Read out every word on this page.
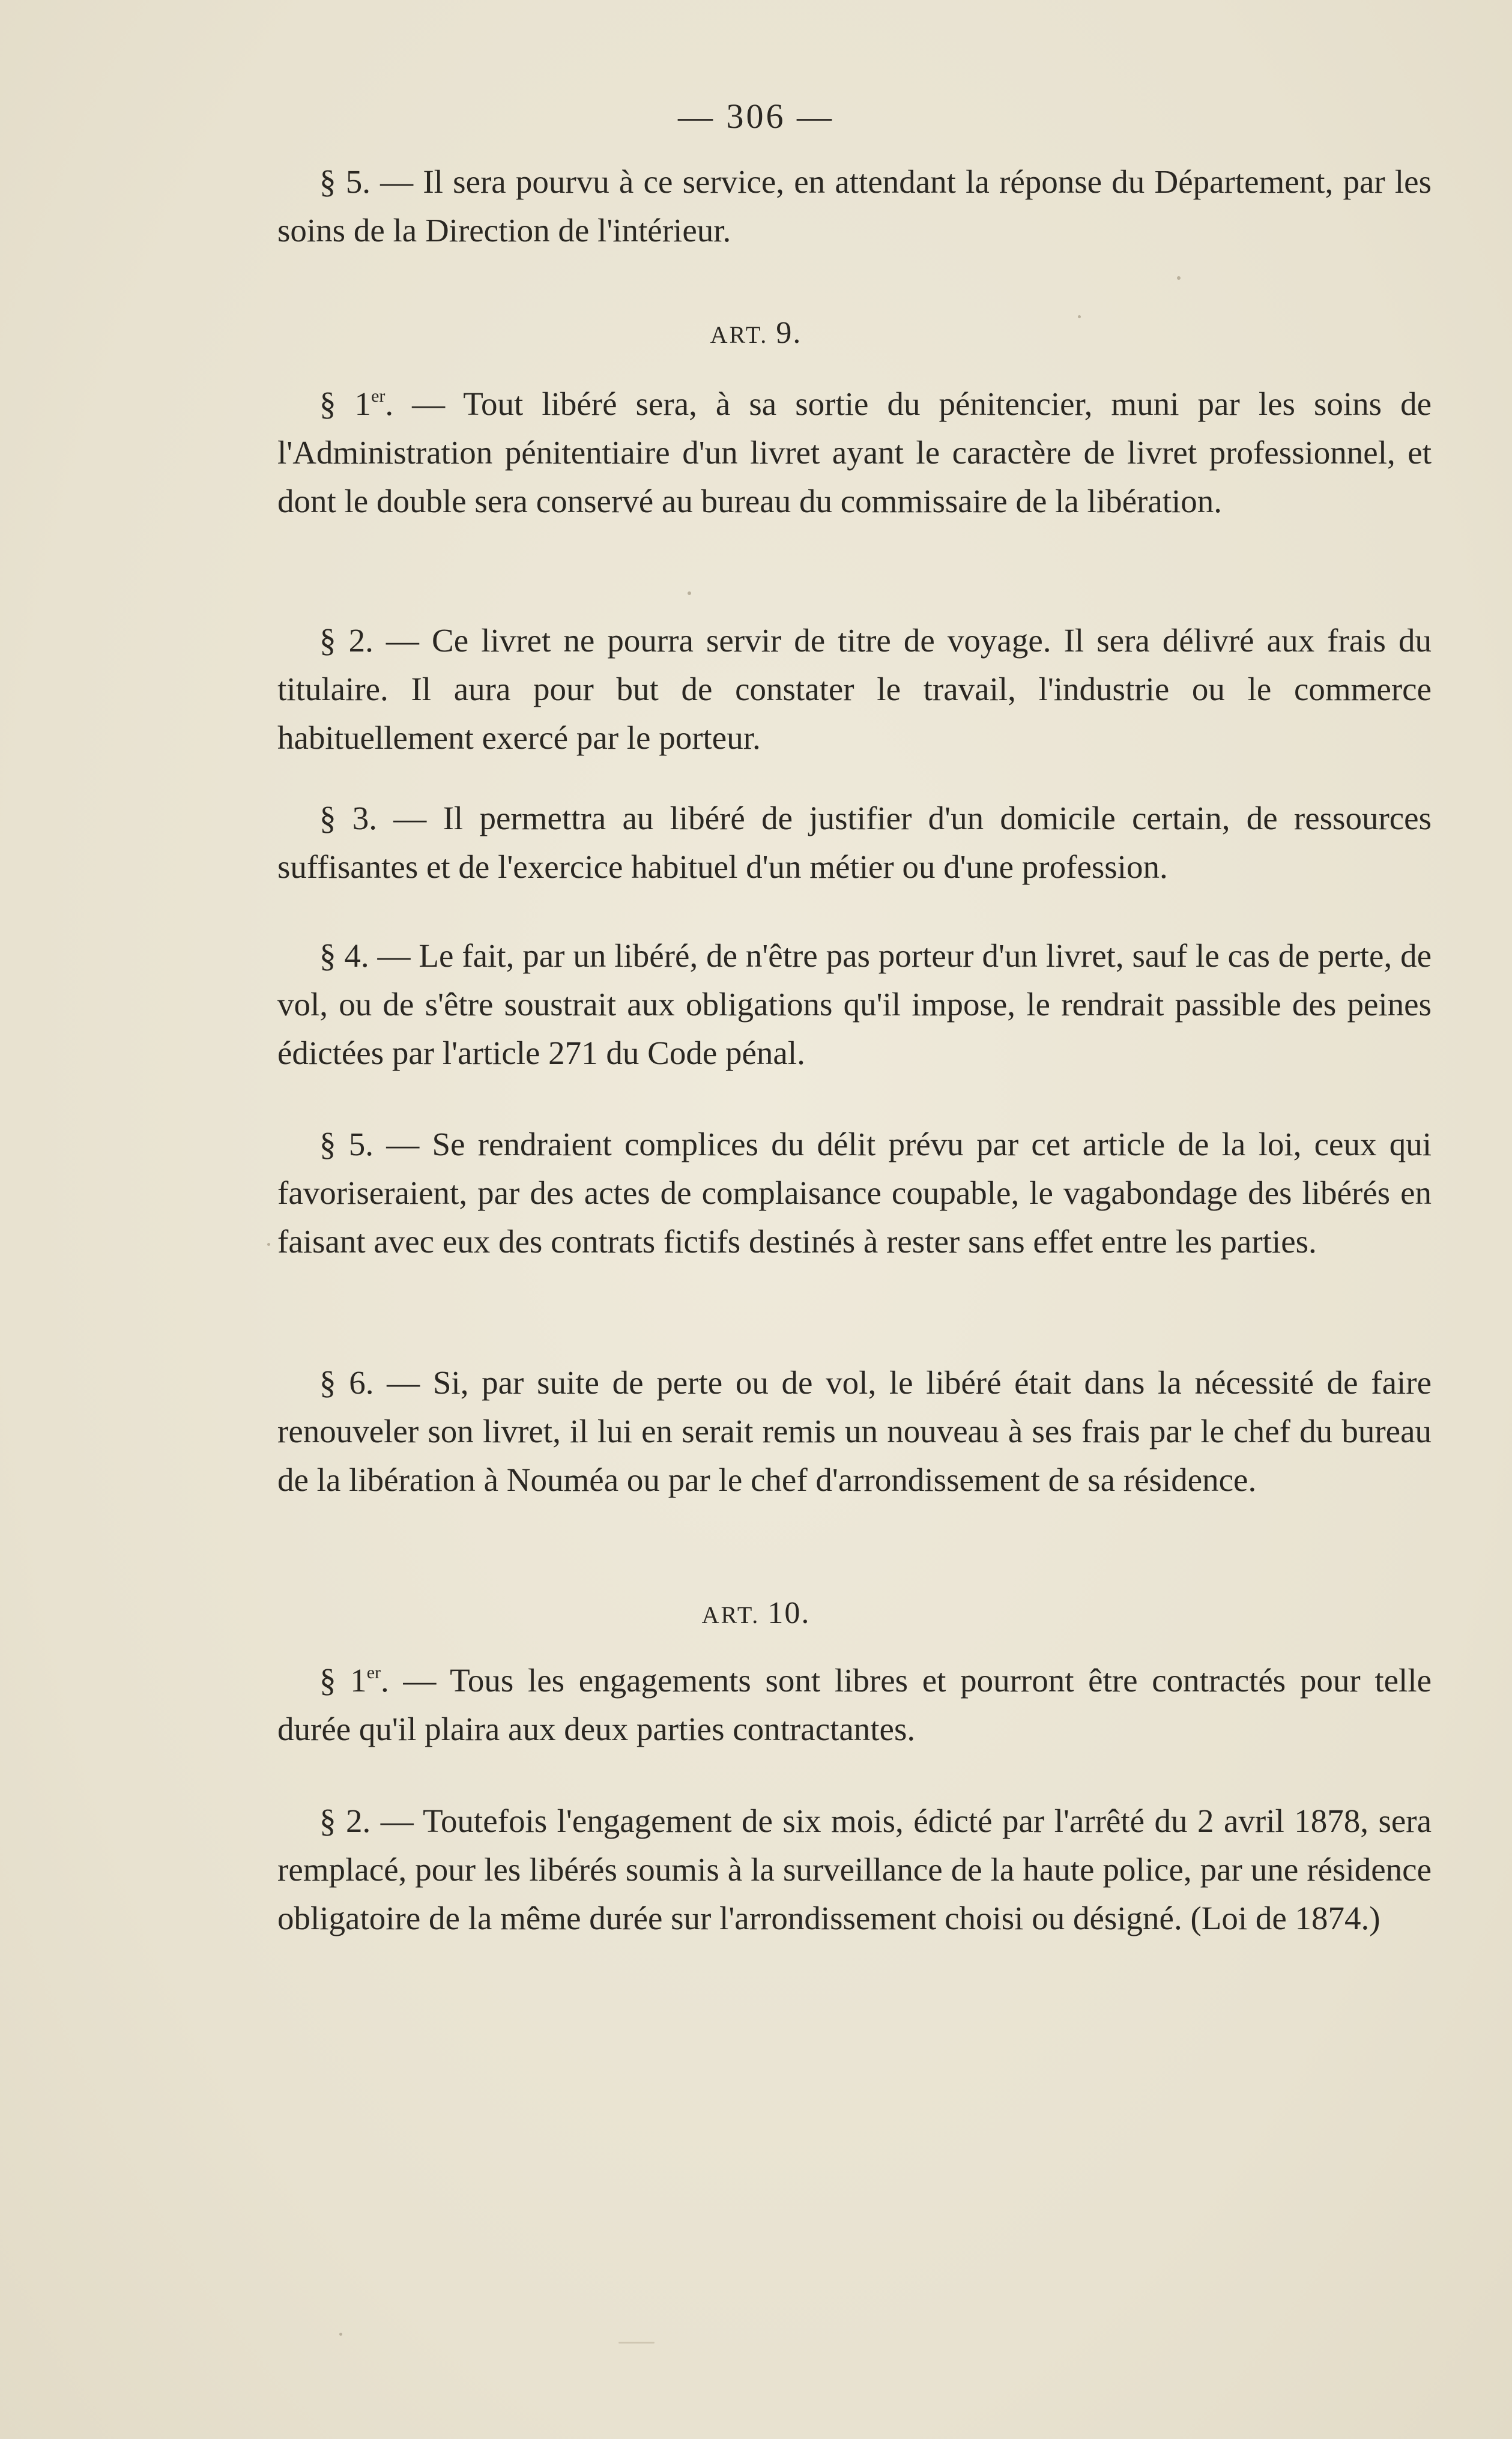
— 306 —

§ 5. — Il sera pourvu à ce service, en attendant la réponse du Département, par les soins de la Direction de l'intérieur.

ART. 9.

§ 1er. — Tout libéré sera, à sa sortie du pénitencier, muni par les soins de l'Administration pénitentiaire d'un livret ayant le caractère de livret professionnel, et dont le double sera conservé au bureau du commissaire de la libération.

§ 2. — Ce livret ne pourra servir de titre de voyage. Il sera délivré aux frais du titulaire. Il aura pour but de constater le travail, l'industrie ou le commerce habituellement exercé par le porteur.

§ 3. — Il permettra au libéré de justifier d'un domicile certain, de ressources suffisantes et de l'exercice habituel d'un métier ou d'une profession.

§ 4. — Le fait, par un libéré, de n'être pas porteur d'un livret, sauf le cas de perte, de vol, ou de s'être soustrait aux obligations qu'il impose, le rendrait passible des peines édictées par l'article 271 du Code pénal.

§ 5. — Se rendraient complices du délit prévu par cet article de la loi, ceux qui favoriseraient, par des actes de complaisance coupable, le vagabondage des libérés en faisant avec eux des contrats fictifs destinés à rester sans effet entre les parties.

§ 6. — Si, par suite de perte ou de vol, le libéré était dans la nécessité de faire renouveler son livret, il lui en serait remis un nouveau à ses frais par le chef du bureau de la libération à Nouméa ou par le chef d'arrondissement de sa résidence.

ART. 10.

§ 1er. — Tous les engagements sont libres et pourront être contractés pour telle durée qu'il plaira aux deux parties contractantes.

§ 2. — Toutefois l'engagement de six mois, édicté par l'arrêté du 2 avril 1878, sera remplacé, pour les libérés soumis à la surveillance de la haute police, par une résidence obligatoire de la même durée sur l'arrondissement choisi ou désigné. (Loi de 1874.)
